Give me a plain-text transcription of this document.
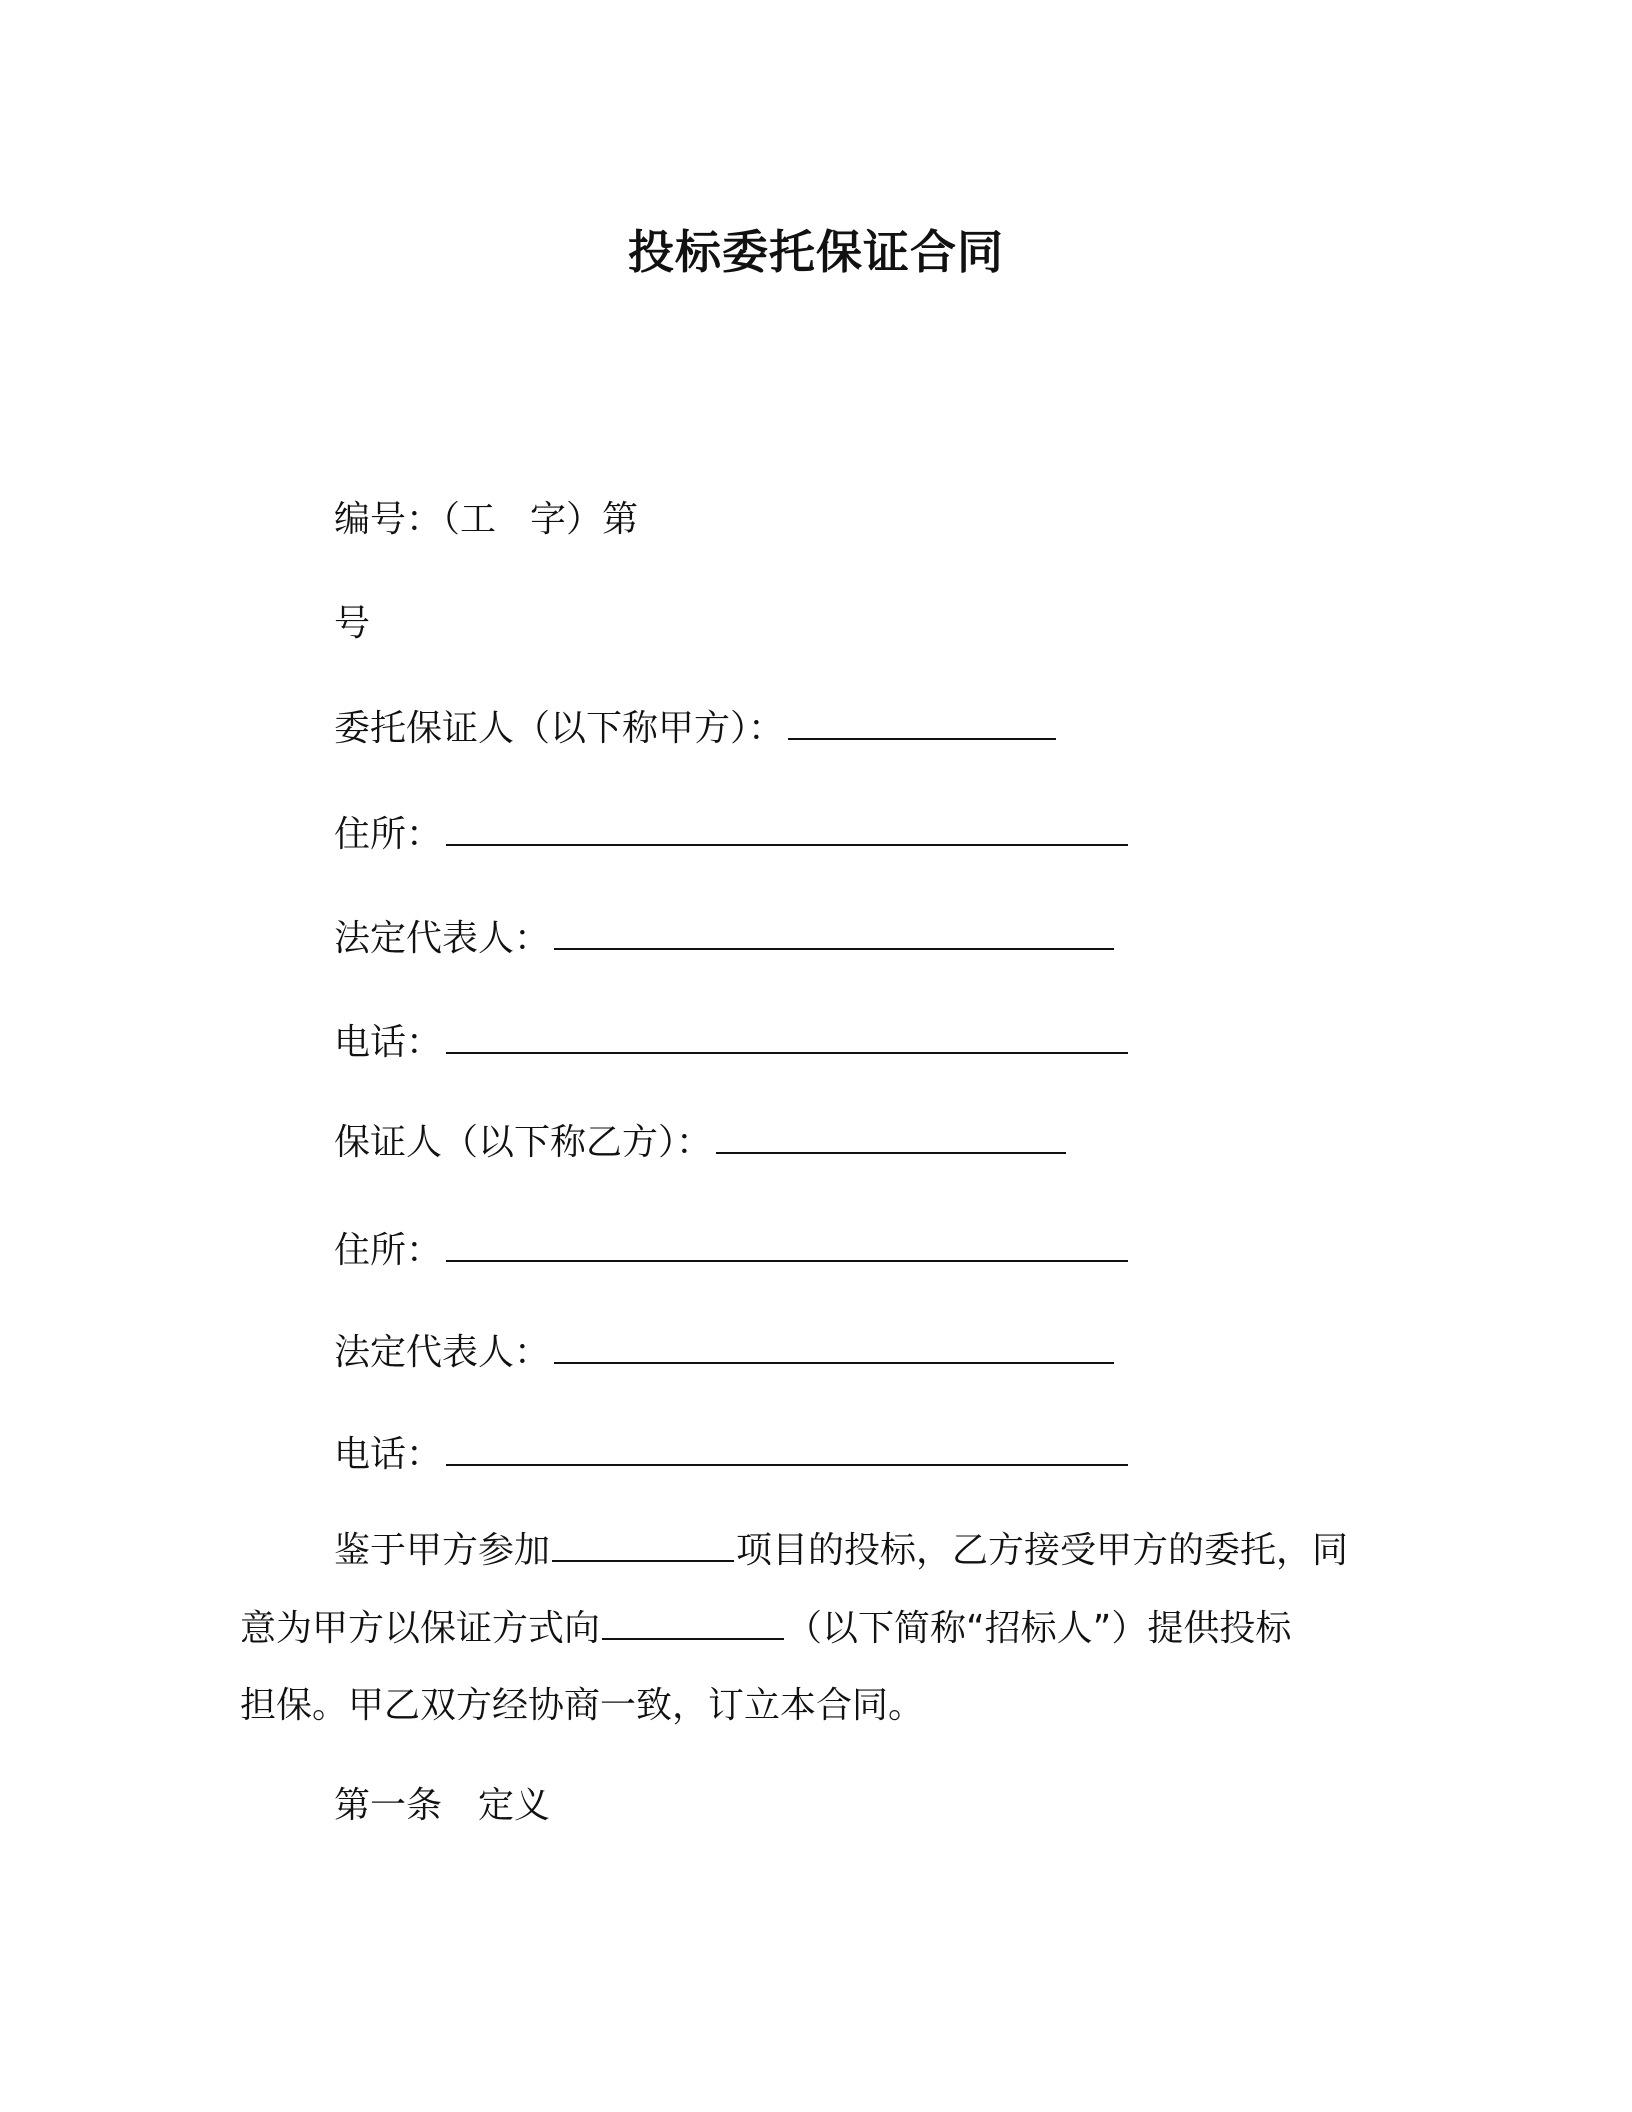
投标委托保证合同
编号：（工 字）第
号
委托保证人（以下称甲方）：
住所：
法定代表人：
电话：
保证人（以下称乙方）：
住所：
法定代表人：
电话：
鉴于甲方参加	项目的投标，乙方接受甲方的委托，同
意为甲方以保证方式向	（以下简称“招标人”）提供投标
担保。甲乙双方经协商一致，订立本合同。
第一条 定义
